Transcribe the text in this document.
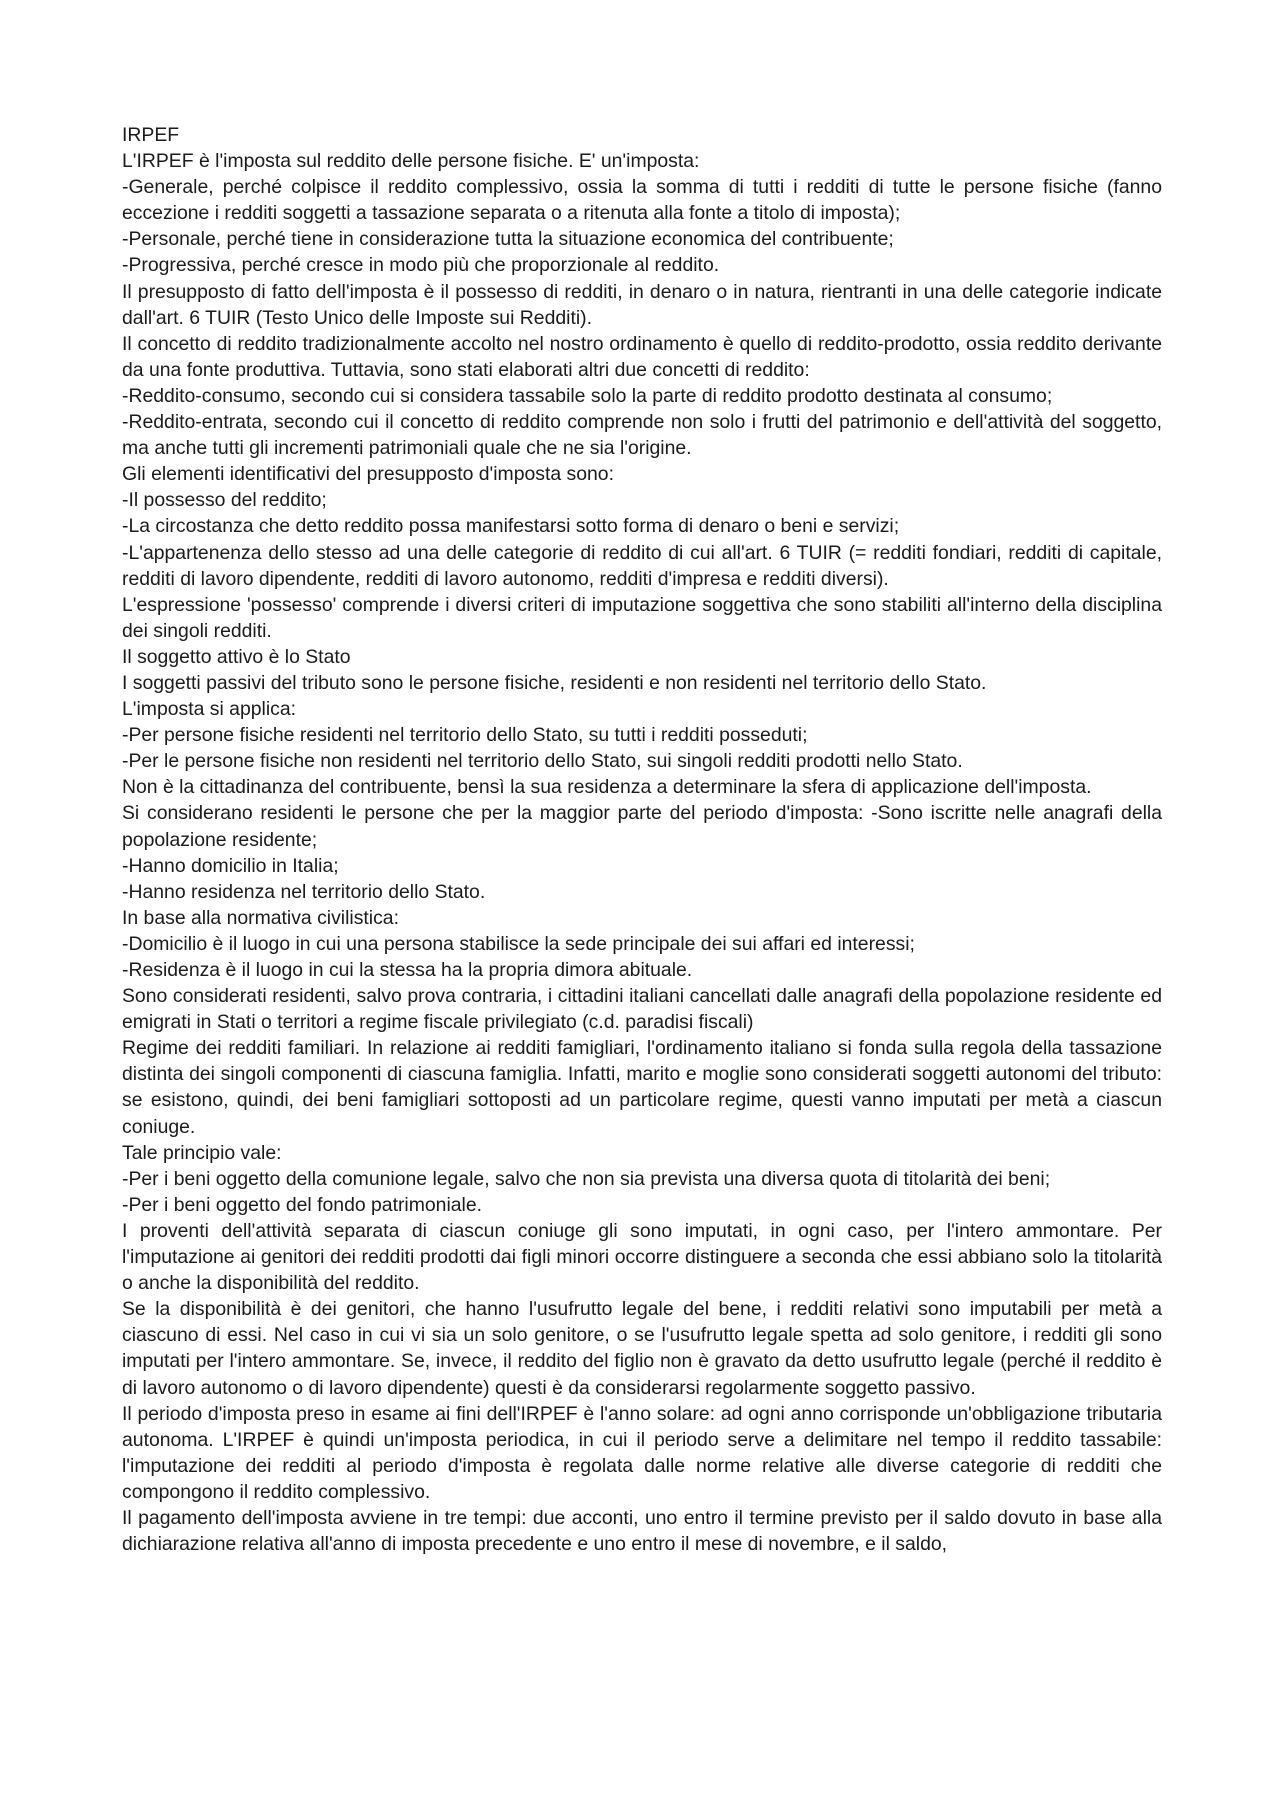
IRPEF

L'IRPEF è l'imposta sul reddito delle persone fisiche. E' un'imposta:

-Generale, perché colpisce il reddito complessivo, ossia la somma di tutti i redditi di tutte le persone fisiche (fanno eccezione i redditi soggetti a tassazione separata o a ritenuta alla fonte a titolo di imposta);

-Personale, perché tiene in considerazione tutta la situazione economica del contribuente;

-Progressiva, perché cresce in modo più che proporzionale al reddito.

Il presupposto di fatto dell'imposta è il possesso di redditi, in denaro o in natura, rientranti in una delle categorie indicate dall'art. 6 TUIR (Testo Unico delle Imposte sui Redditi).

Il concetto di reddito tradizionalmente accolto nel nostro ordinamento è quello di reddito-prodotto, ossia reddito derivante da una fonte produttiva. Tuttavia, sono stati elaborati altri due concetti di reddito:

-Reddito-consumo, secondo cui si considera tassabile solo la parte di reddito prodotto destinata al consumo;

-Reddito-entrata, secondo cui il concetto di reddito comprende non solo i frutti del patrimonio e dell'attività del soggetto, ma anche tutti gli incrementi patrimoniali quale che ne sia l'origine.

Gli elementi identificativi del presupposto d'imposta sono:

-Il possesso del reddito;

-La circostanza che detto reddito possa manifestarsi sotto forma di denaro o beni e servizi;

-L'appartenenza dello stesso ad una delle categorie di reddito di cui all'art. 6 TUIR (= redditi fondiari, redditi di capitale, redditi di lavoro dipendente, redditi di lavoro autonomo, redditi d'impresa e redditi diversi).

L'espressione 'possesso' comprende i diversi criteri di imputazione soggettiva che sono stabiliti all'interno della disciplina dei singoli redditi.

Il soggetto attivo è lo Stato

I soggetti passivi del tributo sono le persone fisiche, residenti e non residenti nel territorio dello Stato.

L'imposta si applica:

-Per persone fisiche residenti nel territorio dello Stato, su tutti i redditi posseduti;

-Per le persone fisiche non residenti nel territorio dello Stato, sui singoli redditi prodotti nello Stato.

Non è la cittadinanza del contribuente, bensì la sua residenza a determinare la sfera di applicazione dell'imposta.

Si considerano residenti le persone che per la maggior parte del periodo d'imposta: -Sono iscritte nelle anagrafi della popolazione residente;

-Hanno domicilio in Italia;

-Hanno residenza nel territorio dello Stato.

In base alla normativa civilistica:

-Domicilio è il luogo in cui una persona stabilisce la sede principale dei sui affari ed interessi;

-Residenza è il luogo in cui la stessa ha la propria dimora abituale.

Sono considerati residenti, salvo prova contraria, i cittadini italiani cancellati dalle anagrafi della popolazione residente ed emigrati in Stati o territori a regime fiscale privilegiato (c.d. paradisi fiscali)

Regime dei redditi familiari. In relazione ai redditi famigliari, l'ordinamento italiano si fonda sulla regola della tassazione distinta dei singoli componenti di ciascuna famiglia. Infatti, marito e moglie sono considerati soggetti autonomi del tributo: se esistono, quindi, dei beni famigliari sottoposti ad un particolare regime, questi vanno imputati per metà a ciascun coniuge.

Tale principio vale:

-Per i beni oggetto della comunione legale, salvo che non sia prevista una diversa quota di titolarità dei beni;

-Per i beni oggetto del fondo patrimoniale.

I proventi dell'attività separata di ciascun coniuge gli sono imputati, in ogni caso, per l'intero ammontare. Per l'imputazione ai genitori dei redditi prodotti dai figli minori occorre distinguere a seconda che essi abbiano solo la titolarità o anche la disponibilità del reddito.

Se la disponibilità è dei genitori, che hanno l'usufrutto legale del bene, i redditi relativi sono imputabili per metà a ciascuno di essi. Nel caso in cui vi sia un solo genitore, o se l'usufrutto legale spetta ad solo genitore, i redditi gli sono imputati per l'intero ammontare. Se, invece, il reddito del figlio non è gravato da detto usufrutto legale (perché il reddito è di lavoro autonomo o di lavoro dipendente) questi è da considerarsi regolarmente soggetto passivo.

Il periodo d'imposta preso in esame ai fini dell'IRPEF è l'anno solare: ad ogni anno corrisponde un'obbligazione tributaria autonoma. L'IRPEF è quindi un'imposta periodica, in cui il periodo serve a delimitare nel tempo il reddito tassabile: l'imputazione dei redditi al periodo d'imposta è regolata dalle norme relative alle diverse categorie di redditi che compongono il reddito complessivo.

Il pagamento dell'imposta avviene in tre tempi: due acconti, uno entro il termine previsto per il saldo dovuto in base alla dichiarazione relativa all'anno di imposta precedente e uno entro il mese di novembre, e il saldo,
